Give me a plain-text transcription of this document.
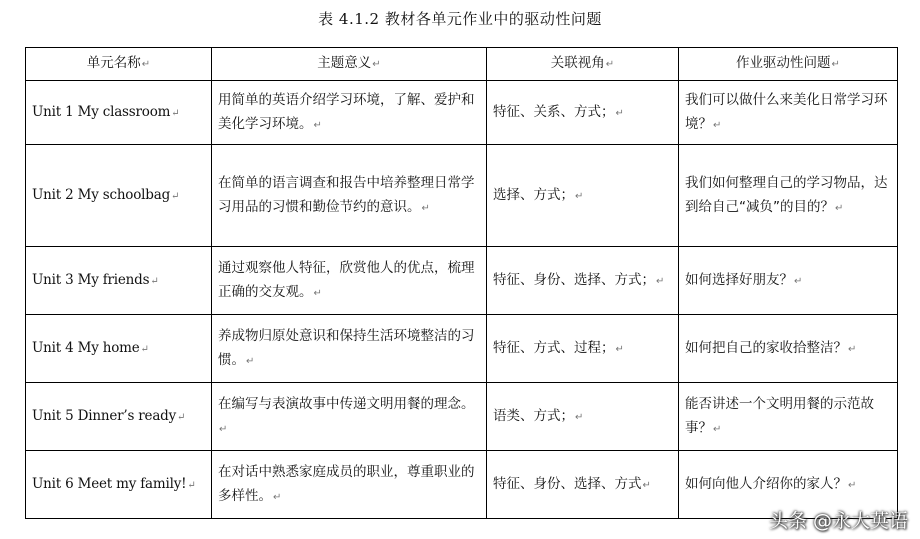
表 4.1.2 教材各单元作业中的驱动性问题
单元名称↵	主题意义↵	关联视角↵	作业驱动性问题↵
Unit 1 My classroom↵	用简单的英语介绍学习环境，了解、爱护和美化学习环境。↵	特征、关系、方式；↵	我们可以做什么来美化日常学习环境？↵
Unit 2 My schoolbag↵	在简单的语言调查和报告中培养整理日常学习用品的习惯和勤俭节约的意识。↵	选择、方式；↵	我们如何整理自己的学习物品，达到给自己“减负”的目的？↵
Unit 3 My friends↵	通过观察他人特征，欣赏他人的优点，梳理正确的交友观。↵	特征、身份、选择、方式；↵	如何选择好朋友？↵
Unit 4 My home↵	养成物归原处意识和保持生活环境整洁的习惯。↵	特征、方式、过程；↵	如何把自己的家收拾整洁？↵
Unit 5 Dinner’s ready↵	在编写与表演故事中传递文明用餐的理念。↵	语类、方式；↵	能否讲述一个文明用餐的示范故事？↵
Unit 6 Meet my family!↵	在对话中熟悉家庭成员的职业，尊重职业的多样性。↵	特征、身份、选择、方式↵	如何向他人介绍你的家人？↵
头条 @永大英语
